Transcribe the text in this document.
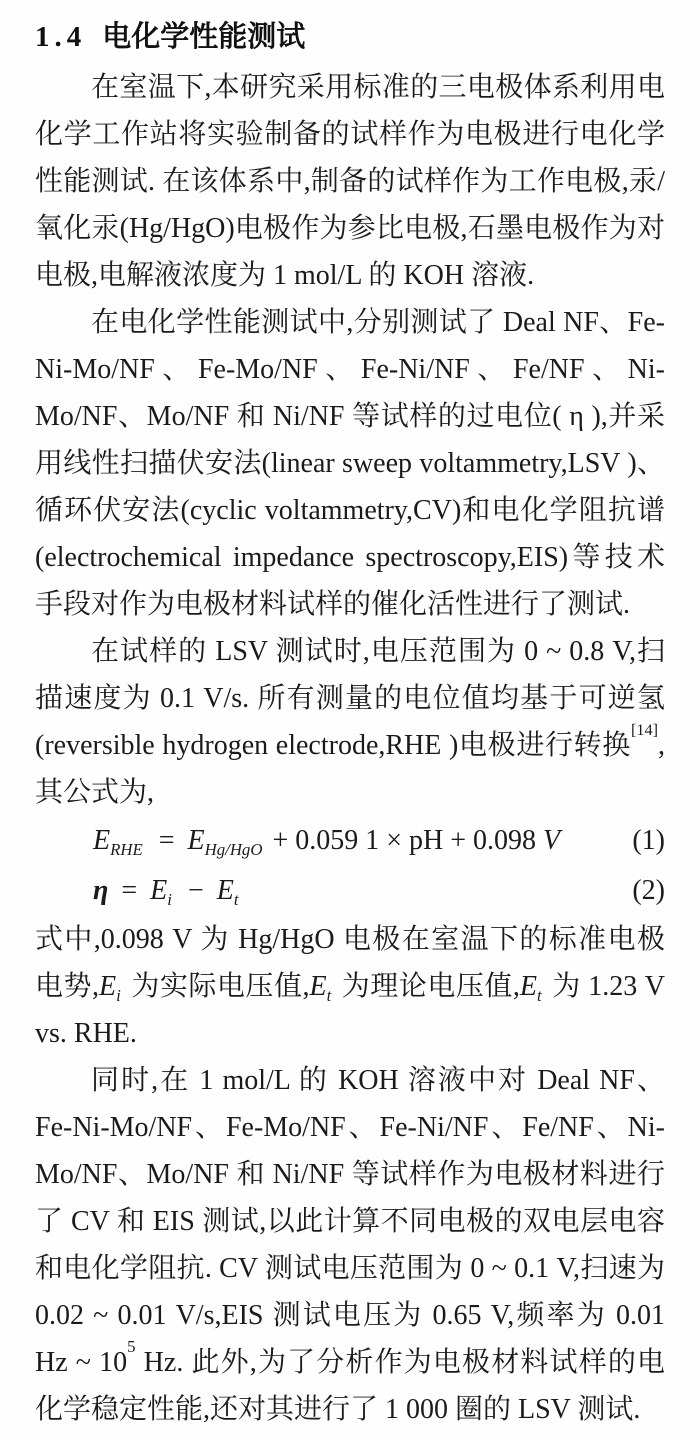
1.4 电化学性能测试

在室温下,本研究采用标准的三电极体系利用电化学工作站将实验制备的试样作为电极进行电化学性能测试. 在该体系中,制备的试样作为工作电极,汞/氧化汞(Hg/HgO)电极作为参比电极,石墨电极作为对电极,电解液浓度为 1 mol/L 的 KOH 溶液.

在电化学性能测试中,分别测试了 Deal NF、Fe-Ni-Mo/NF、Fe-Mo/NF、Fe-Ni/NF、Fe/NF、Ni-Mo/NF、Mo/NF 和 Ni/NF 等试样的过电位( η ),并采用线性扫描伏安法(linear sweep voltammetry,LSV )、循环伏安法(cyclic voltammetry,CV)和电化学阻抗谱(electrochemical impedance spectroscopy,EIS)等技术手段对作为电极材料试样的催化活性进行了测试.

在试样的 LSV 测试时,电压范围为 0 ~ 0.8 V,扫描速度为 0.1 V/s. 所有测量的电位值均基于可逆氢(reversible hydrogen electrode,RHE )电极进行转换[14],其公式为,

$E_{RHE} = E_{Hg/HgO} + 0.059$ 1 × pH + 0.098 V	(1)
$\eta = E_i - E_t$	(2)

式中,0.098 V 为 Hg/HgO 电极在室温下的标准电极电势$,E_i$ 为实际电压值$,E_t$ 为理论电压值$,E_t$ 为 1.23 V vs. RHE.

同时,在 1 mol/L 的 KOH 溶液中对 Deal NF、Fe-Ni-Mo/NF、Fe-Mo/NF、Fe-Ni/NF、Fe/NF、Ni-Mo/NF、Mo/NF 和 Ni/NF 等试样作为电极材料进行了 CV 和 EIS 测试,以此计算不同电极的双电层电容和电化学阻抗. CV 测试电压范围为 0 ~ 0.1 V,扫速为 0.02 ~ 0.01 V/s,EIS 测试电压为 0.65 V,频率为 0.01 Hz ~ $10^5$ Hz. 此外,为了分析作为电极材料试样的电化学稳定性能,还对其进行了 1 000 圈的 LSV 测试.
